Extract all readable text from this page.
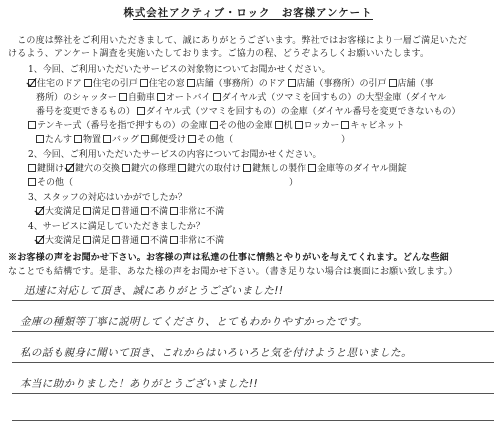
株式会社アクティブ・ロック　お客様アンケート
　この度は弊社をご利用いただきまして、誠にありがとうございます。弊社ではお客様により一層ご満足いただ
けるよう、アンケート調査を実施いたしております。ご協力の程、どうぞよろしくお願いいたします。
1、今回、ご利用いただいたサービスの対象物についてお聞かせください。
住宅のドア 住宅の引戸 住宅の窓 店舗（事務所）のドア 店舗（事務所）の引戸 店舗（事
務所）のシャッター 自動車 オートバイ ダイヤル式（ツマミを回すもの）の大型金庫（ダイヤル
番号を変更できるもの） ダイヤル式（ツマミを回すもの）の金庫（ダイヤル番号を変更できないもの）
テンキー式（番号を指で押すもの）の金庫 その他の金庫 机 ロッカー キャビネット
たんす 物置 バッグ 郵便受け その他（　　　　　　　　　　　　）
2、今回、ご利用いただいたサービスの内容についてお聞かせください。
鍵開け 鍵穴の交換 鍵穴の修理 鍵穴の取付け 鍵無しの製作 金庫等のダイヤル開錠
その他（　　　　　　　　　　　　　　　　　　　　　　　　）
3、スタッフの対応はいかがでしたか？
大変満足 満足 普通 不満 非常に不満
4、サービスに満足していただきましたか？
大変満足 満足 普通 不満 非常に不満
※お客様の声をお聞かせ下さい。お客様の声は私達の仕事に情熱とやりがいを与えてくれます。どんな些細
なことでも結構です。是非、あなた様の声をお聞かせ下さい。（書き足りない場合は裏面にお願い致します。）
迅速に対応して頂き、誠にありがとうございました!!
金庫の種類等丁寧に説明してくださり、とてもわかりやすかったです。
私の話も親身に聞いて頂き、これからはいろいろと気を付けようと思いました。
本当に助かりました！ありがとうございました!!
